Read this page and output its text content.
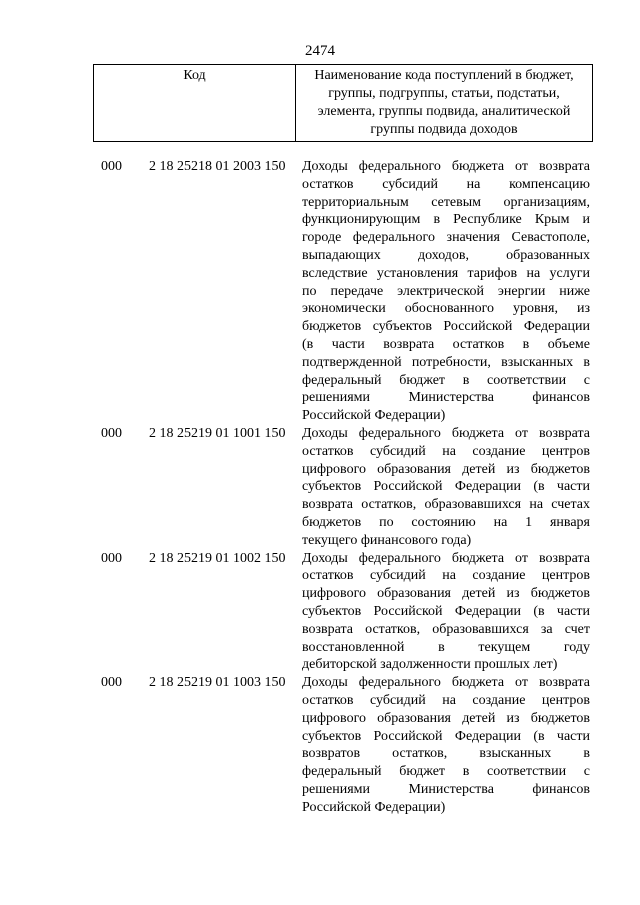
2474
Код	Наименование кода поступлений в бюджет,
группы, подгруппы, статьи, подстатьи,
элемента, группы подвида, аналитической
группы подвида доходов
000	2 18 25218 01 2003 150	Доходы федерального бюджета от возврата
остатков субсидий на компенсацию
территориальным сетевым организациям,
функционирующим в Республике Крым и
городе федерального значения Севастополе,
выпадающих доходов, образованных
вследствие установления тарифов на услуги
по передаче электрической энергии ниже
экономически обоснованного уровня, из
бюджетов субъектов Российской Федерации
(в части возврата остатков в объеме
подтвержденной потребности, взысканных в
федеральный бюджет в соответствии с
решениями Министерства финансов
Российской Федерации)
000	2 18 25219 01 1001 150	Доходы федерального бюджета от возврата
остатков субсидий на создание центров
цифрового образования детей из бюджетов
субъектов Российской Федерации (в части
возврата остатков, образовавшихся на счетах
бюджетов по состоянию на 1 января
текущего финансового года)
000	2 18 25219 01 1002 150	Доходы федерального бюджета от возврата
остатков субсидий на создание центров
цифрового образования детей из бюджетов
субъектов Российской Федерации (в части
возврата остатков, образовавшихся за счет
восстановленной в текущем году
дебиторской задолженности прошлых лет)
000	2 18 25219 01 1003 150	Доходы федерального бюджета от возврата
остатков субсидий на создание центров
цифрового образования детей из бюджетов
субъектов Российской Федерации (в части
возвратов остатков, взысканных в
федеральный бюджет в соответствии с
решениями Министерства финансов
Российской Федерации)
